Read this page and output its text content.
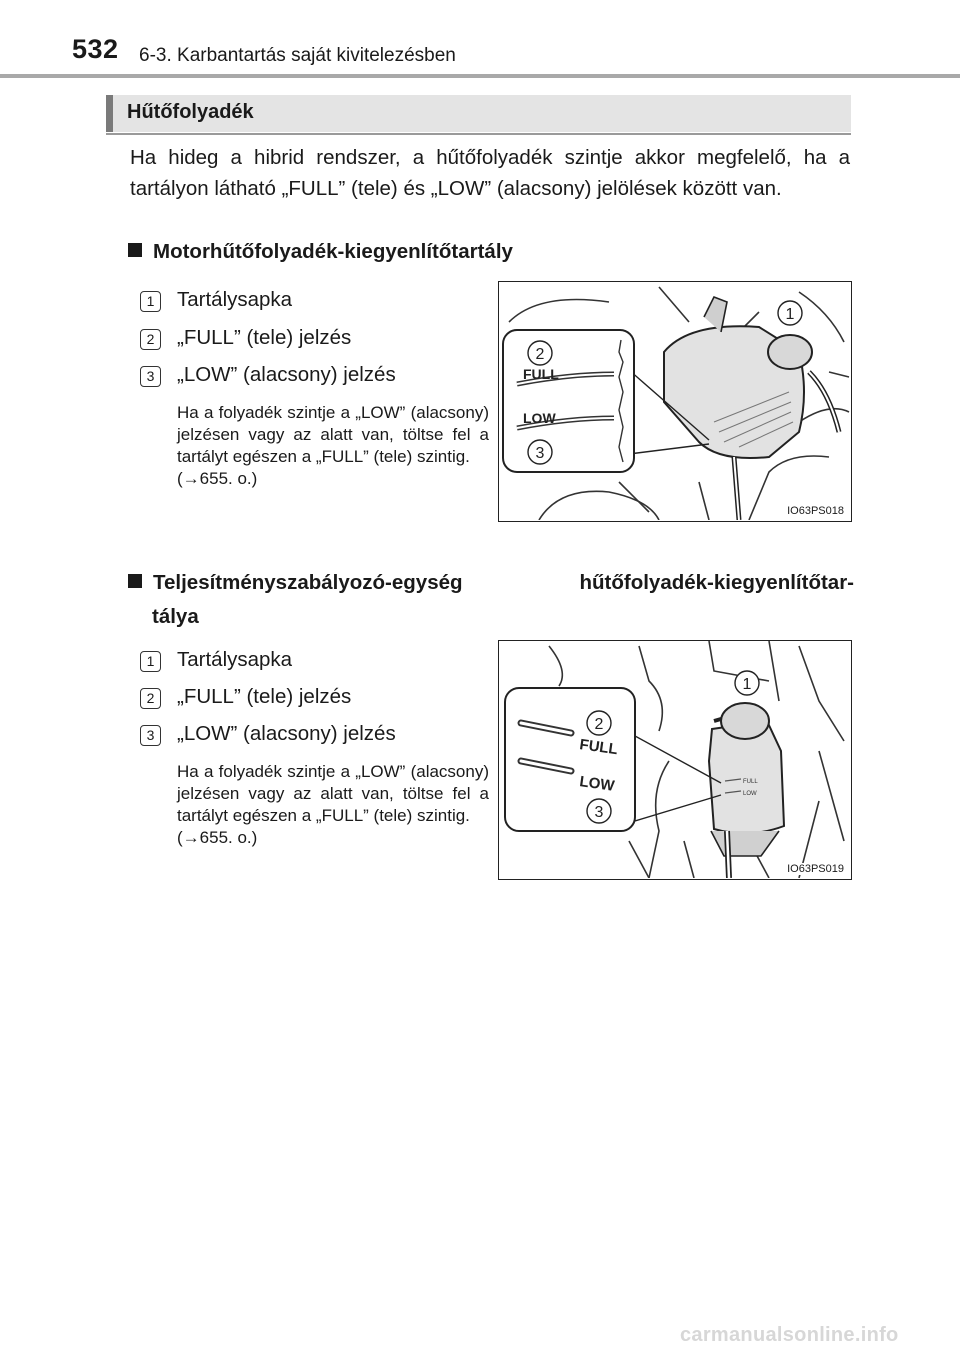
532 6-3. Karbantartás saját kivitelezésben
Hűtőfolyadék
Ha hideg a hibrid rendszer, a hűtőfolyadék szintje akkor megfelelő, ha a tartályon látható „FULL” (tele) és „LOW” (alacsony) jelölések között van.
Motorhűtőfolyadék-kiegyenlítőtartály
1	Tartálysapka
2	„FULL” (tele) jelzés
3	„LOW” (alacsony) jelzés
Ha a folyadék szintje a „LOW” (alacsony) jelzésen vagy az alatt van, töltse fel a tartályt egészen a „FULL” (tele) szintig.
(→655. o.)
FULL
LOW
2
3
1
IO63PS018
Teljesítményszabályozó-egység	hűtőfolyadék-kiegyenlítőtar-
tálya
1	Tartálysapka
2	„FULL” (tele) jelzés
3	„LOW” (alacsony) jelzés
Ha a folyadék szintje a „LOW” (alacsony) jelzésen vagy az alatt van, töltse fel a tartályt egészen a „FULL” (tele) szintig.
(→655. o.)
FULL
LOW
FULL
LOW
2
3
1
IO63PS019
carmanualsonline.info
